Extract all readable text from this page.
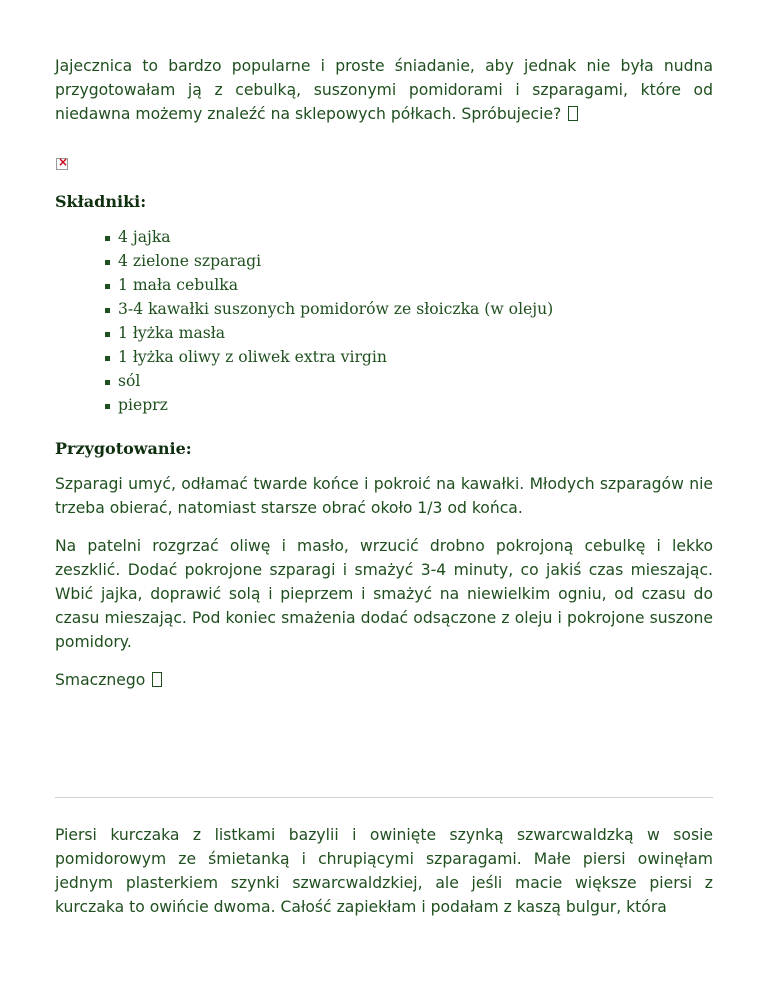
Jajecznica to bardzo popularne i proste śniadanie, aby jednak nie była nudna przygotowałam ją z cebulką, suszonymi pomidorami i szparagami, które od niedawna możemy znaleźć na sklepowych półkach. Spróbujecie?

×
Składniki:
4 jajka
4 zielone szparagi
1 mała cebulka
3-4 kawałki suszonych pomidorów ze słoiczka (w oleju)
1 łyżka masła
1 łyżka oliwy z oliwek extra virgin
sól
pieprz
Przygotowanie:

Szparagi umyć, odłamać twarde końce i pokroić na kawałki. Młodych szparagów nie trzeba obierać, natomiast starsze obrać około 1/3 od końca.

Na patelni rozgrzać oliwę i masło, wrzucić drobno pokrojoną cebulkę i lekko zeszklić. Dodać pokrojone szparagi i smażyć 3-4 minuty, co jakiś czas mieszając. Wbić jajka, doprawić solą i pieprzem i smażyć na niewielkim ogniu, od czasu do czasu mieszając. Pod koniec smażenia dodać odsączone z oleju i pokrojone suszone pomidory.

Smacznego

Piersi kurczaka z listkami bazylii i owinięte szynką szwarcwaldzką w sosie pomidorowym ze śmietanką i chrupiącymi szparagami. Małe piersi owinęłam jednym plasterkiem szynki szwarcwaldzkiej, ale jeśli macie większe piersi z kurczaka to owińcie dwoma. Całość zapiekłam i podałam z kaszą bulgur, która
